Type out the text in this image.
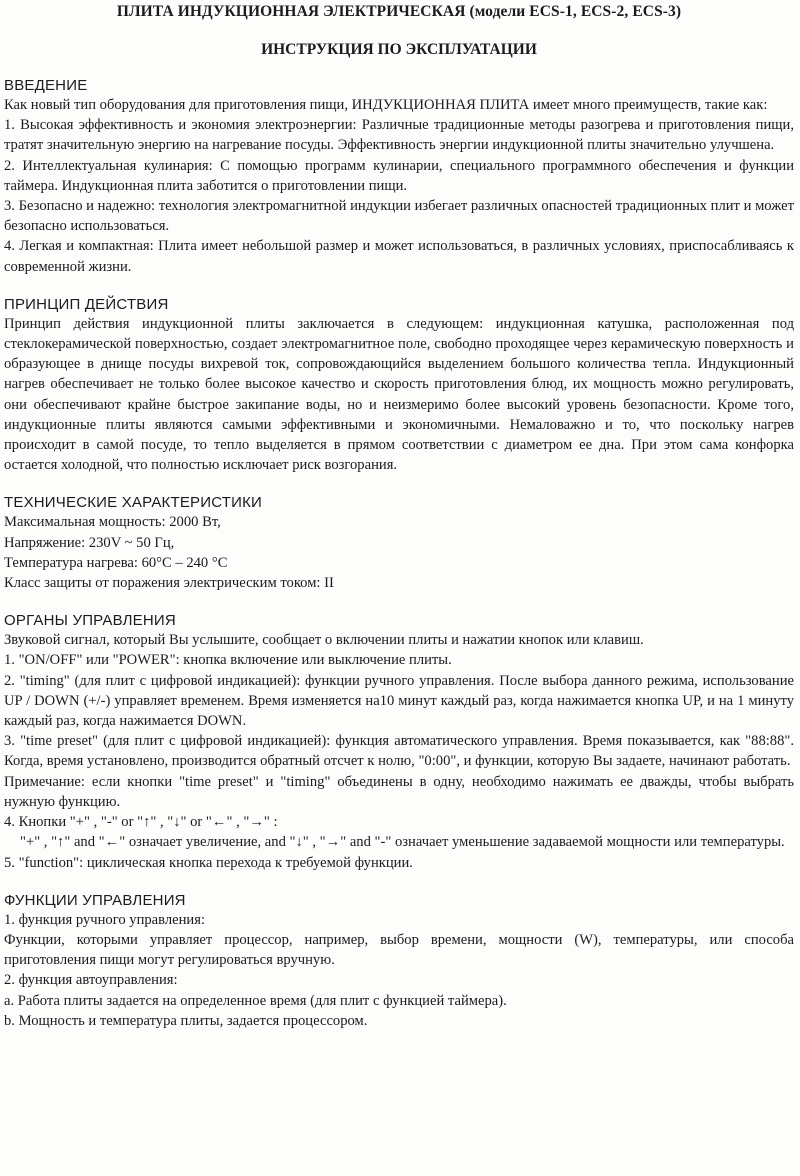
ПЛИТА ИНДУКЦИОННАЯ ЭЛЕКТРИЧЕСКАЯ (модели ECS-1, ECS-2, ECS-3)
ИНСТРУКЦИЯ ПО ЭКСПЛУАТАЦИИ

ВВЕДЕНИЕ

Как новый тип оборудования для приготовления пищи, ИНДУКЦИОННАЯ ПЛИТА имеет много преимуществ, такие как:

1. Высокая эффективность и экономия электроэнергии: Различные традиционные методы разогрева и приготовления пищи, тратят значительную энергию на нагревание посуды. Эффективность энергии индукционной плиты значительно улучшена.

2. Интеллектуальная кулинария: С помощью программ кулинарии, специального программного обеспечения и функции таймера. Индукционная плита заботится о приготовлении пищи.

3. Безопасно и надежно: технология электромагнитной индукции избегает различных опасностей традиционных плит и может безопасно использоваться.

4. Легкая и компактная: Плита имеет небольшой размер и может использоваться, в различных условиях, приспосабливаясь к современной жизни.

ПРИНЦИП ДЕЙСТВИЯ

Принцип действия индукционной плиты заключается в следующем: индукционная катушка, расположенная под стеклокерамической поверхностью, создает электромагнитное поле, свободно проходящее через керамическую поверхность и образующее в днище посуды вихревой ток, сопровождающийся выделением большого количества тепла. Индукционный нагрев обеспечивает не только более высокое качество и скорость приготовления блюд, их мощность можно регулировать, они обеспечивают крайне быстрое закипание воды, но и неизмеримо более высокий уровень безопасности. Кроме того, индукционные плиты являются самыми эффективными и экономичными. Немаловажно и то, что поскольку нагрев происходит в самой посуде, то тепло выделяется в прямом соответствии с диаметром ее дна. При этом сама конфорка остается холодной, что полностью исключает риск возгорания.

ТЕХНИЧЕСКИЕ ХАРАКТЕРИСТИКИ

Максимальная мощность: 2000 Вт,

Напряжение: 230V ~ 50 Гц,

Температура нагрева: 60°С – 240 °С

Класс защиты от поражения электрическим током: II

ОРГАНЫ УПРАВЛЕНИЯ

Звуковой сигнал, который Вы услышите, сообщает о включении плиты и нажатии кнопок или клавиш.

1. "ON/OFF" или "POWER": кнопка включение или выключение плиты.

2. "timing" (для плит с цифровой индикацией): функции ручного управления. После выбора данного режима, использование UP / DOWN (+/-) управляет временем. Время изменяется на10 минут каждый раз, когда нажимается кнопка UP, и на 1 минуту каждый раз, когда нажимается DOWN.

3. "time preset" (для плит с цифровой индикацией): функция автоматического управления. Время показывается, как "88:88". Когда, время установлено, производится обратный отсчет к нолю, "0:00", и функции, которую Вы задаете, начинают работать.

Примечание: если кнопки "time preset" и "timing" объединены в одну, необходимо нажимать ее дважды, чтобы выбрать нужную функцию.

4. Кнопки "+" , "-" or "↑" , "↓" or "←" , "→" :

"+" , "↑" and "←" означает увеличение, and "↓" , "→" and "-" означает уменьшение задаваемой мощности или температуры.

5. "function": циклическая кнопка перехода к требуемой функции.

ФУНКЦИИ УПРАВЛЕНИЯ

1. функция ручного управления:

Функции, которыми управляет процессор, например, выбор времени, мощности (W), температуры, или способа приготовления пищи могут регулироваться вручную.

2. функция автоуправления:

a. Работа плиты задается на определенное время (для плит с функцией таймера).

b. Мощность и температура плиты, задается процессором.
